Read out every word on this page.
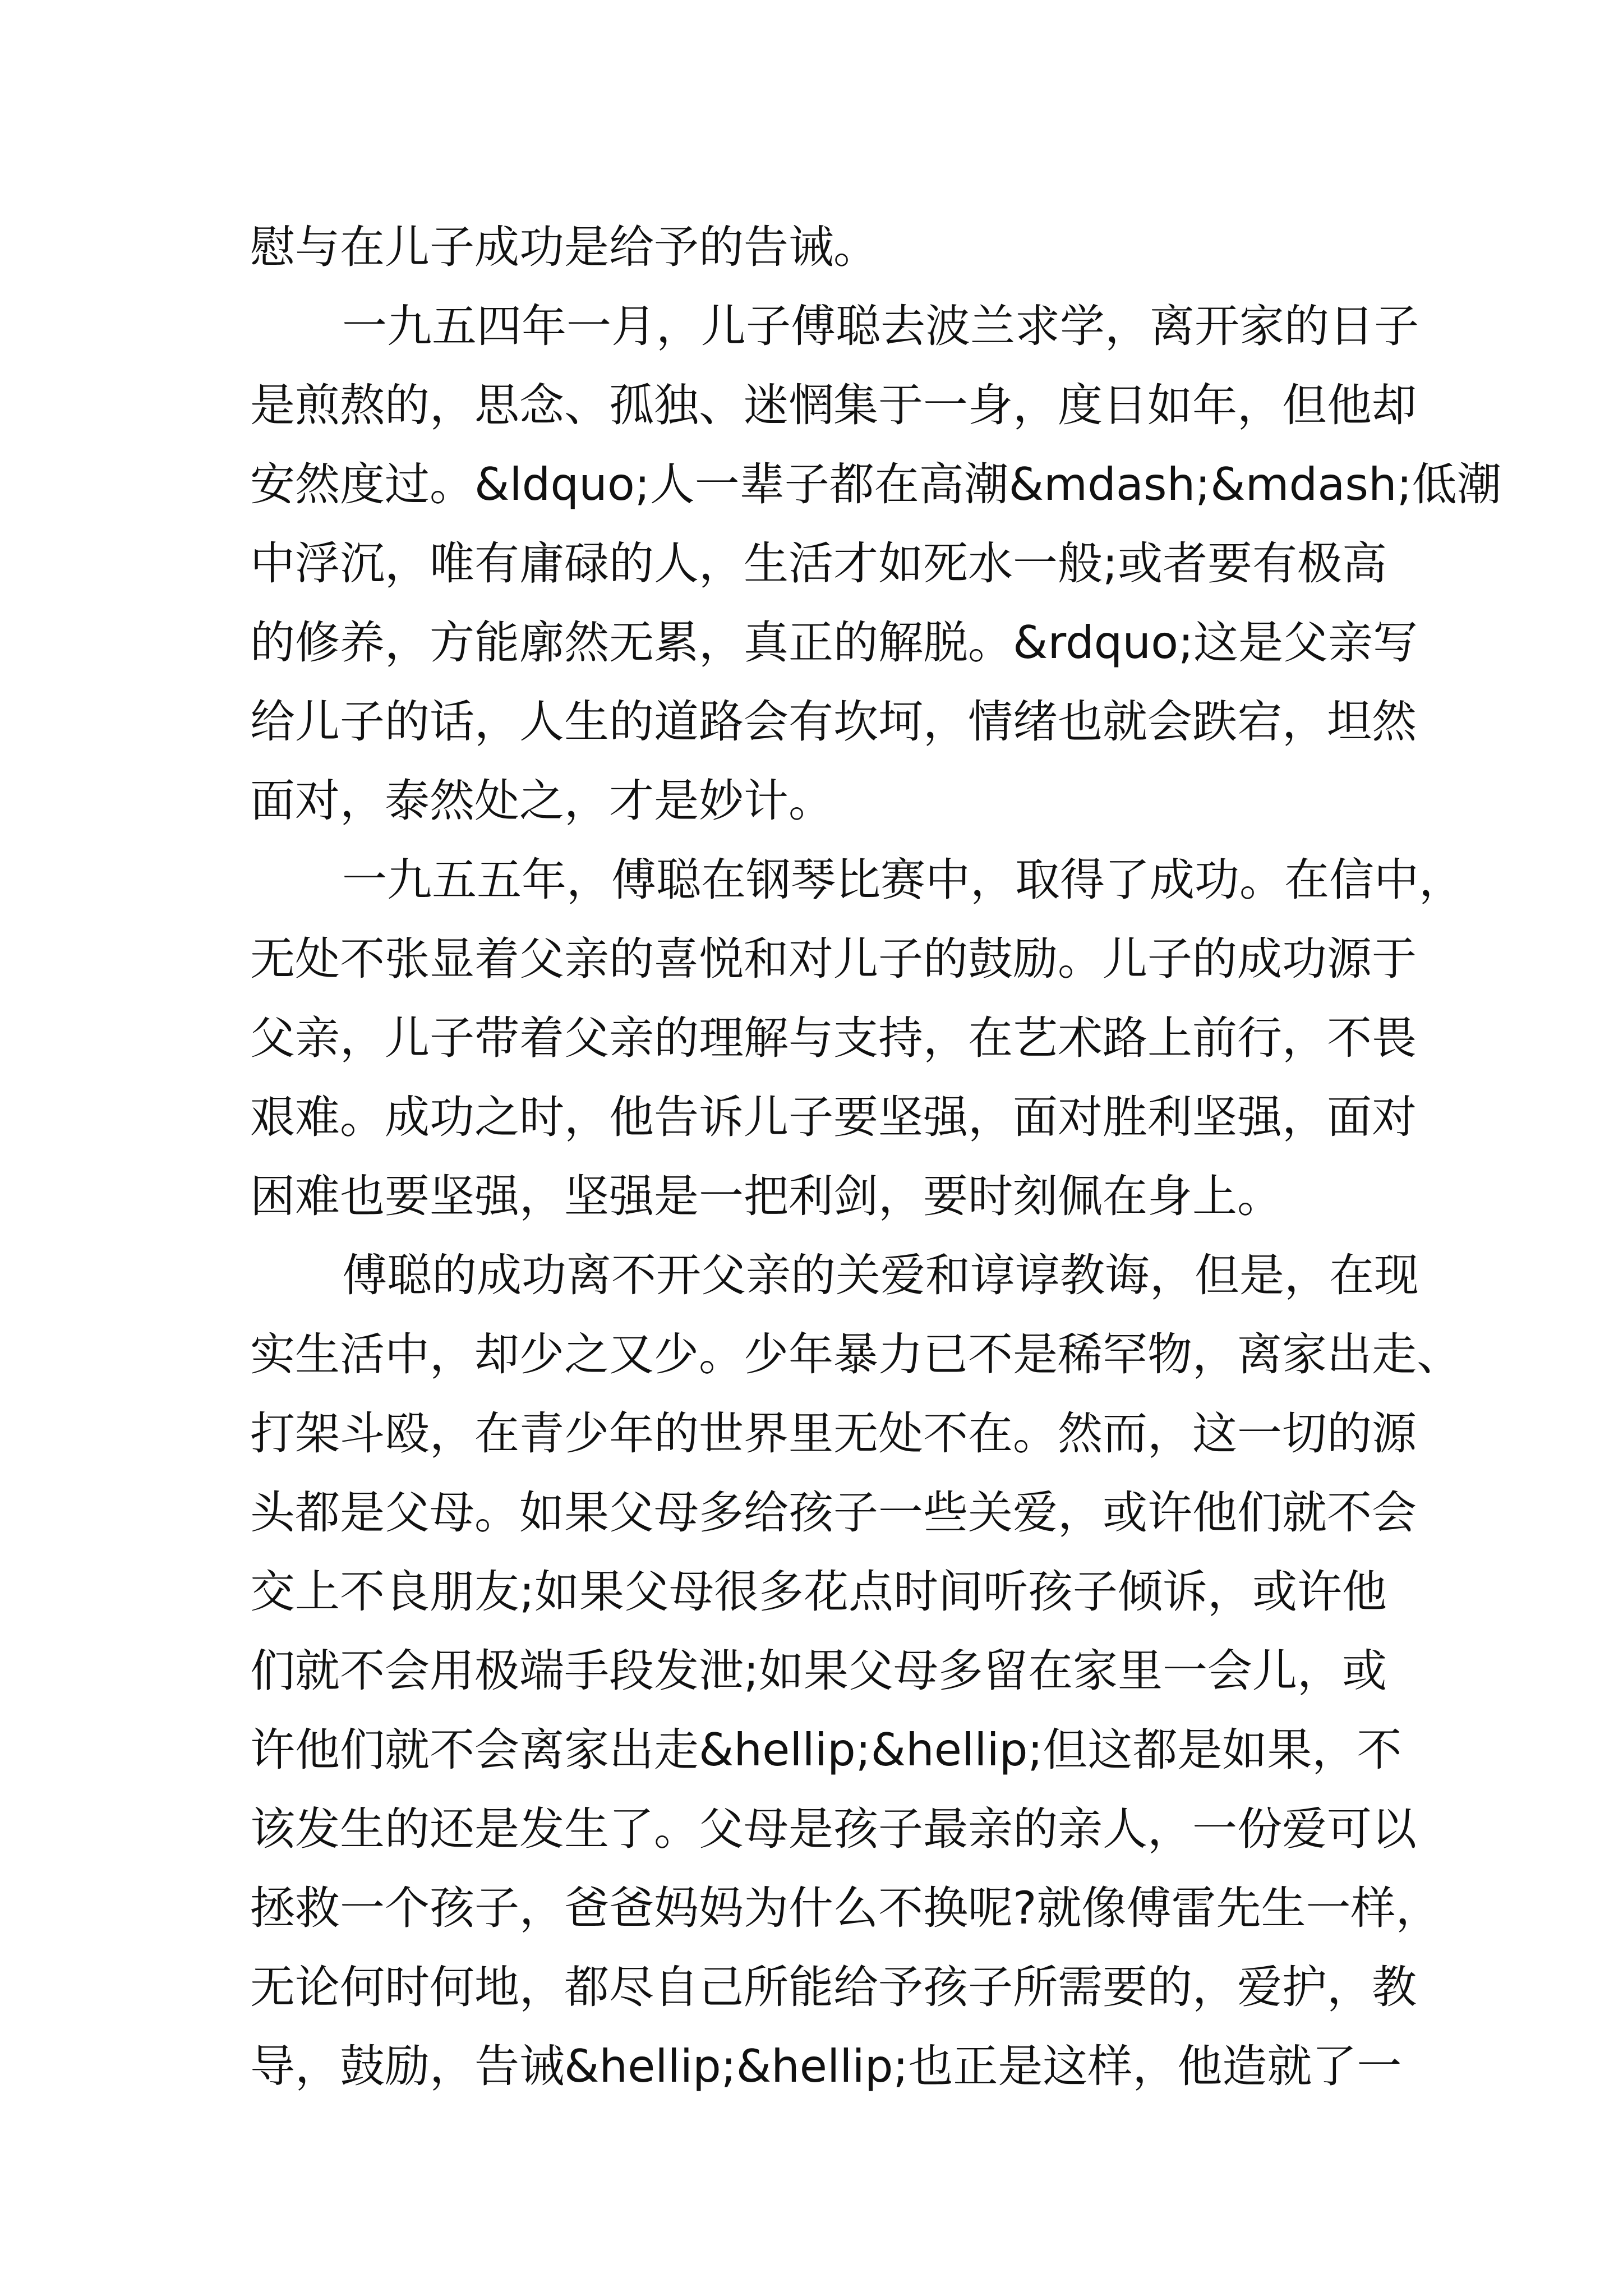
慰与在儿子成功是给予的告诫。
一九五四年一月，儿子傅聪去波兰求学，离开家的日子
是煎熬的，思念、孤独、迷惘集于一身，度日如年，但他却
安然度过。&ldquo;人一辈子都在高潮&mdash;&mdash;低潮
中浮沉，唯有庸碌的人，生活才如死水一般;或者要有极高
的修养，方能廓然无累，真正的解脱。&rdquo;这是父亲写
给儿子的话，人生的道路会有坎坷，情绪也就会跌宕，坦然
面对，泰然处之，才是妙计。
一九五五年，傅聪在钢琴比赛中，取得了成功。在信中，
无处不张显着父亲的喜悦和对儿子的鼓励。儿子的成功源于
父亲，儿子带着父亲的理解与支持，在艺术路上前行，不畏
艰难。成功之时，他告诉儿子要坚强，面对胜利坚强，面对
困难也要坚强，坚强是一把利剑，要时刻佩在身上。
傅聪的成功离不开父亲的关爱和谆谆教诲，但是，在现
实生活中，却少之又少。少年暴力已不是稀罕物，离家出走、
打架斗殴，在青少年的世界里无处不在。然而，这一切的源
头都是父母。如果父母多给孩子一些关爱，或许他们就不会
交上不良朋友;如果父母很多花点时间听孩子倾诉，或许他
们就不会用极端手段发泄;如果父母多留在家里一会儿，或
许他们就不会离家出走&hellip;&hellip;但这都是如果，不
该发生的还是发生了。父母是孩子最亲的亲人，一份爱可以
拯救一个孩子，爸爸妈妈为什么不换呢?就像傅雷先生一样，
无论何时何地，都尽自己所能给予孩子所需要的，爱护，教
导，鼓励，告诫&hellip;&hellip;也正是这样，他造就了一
